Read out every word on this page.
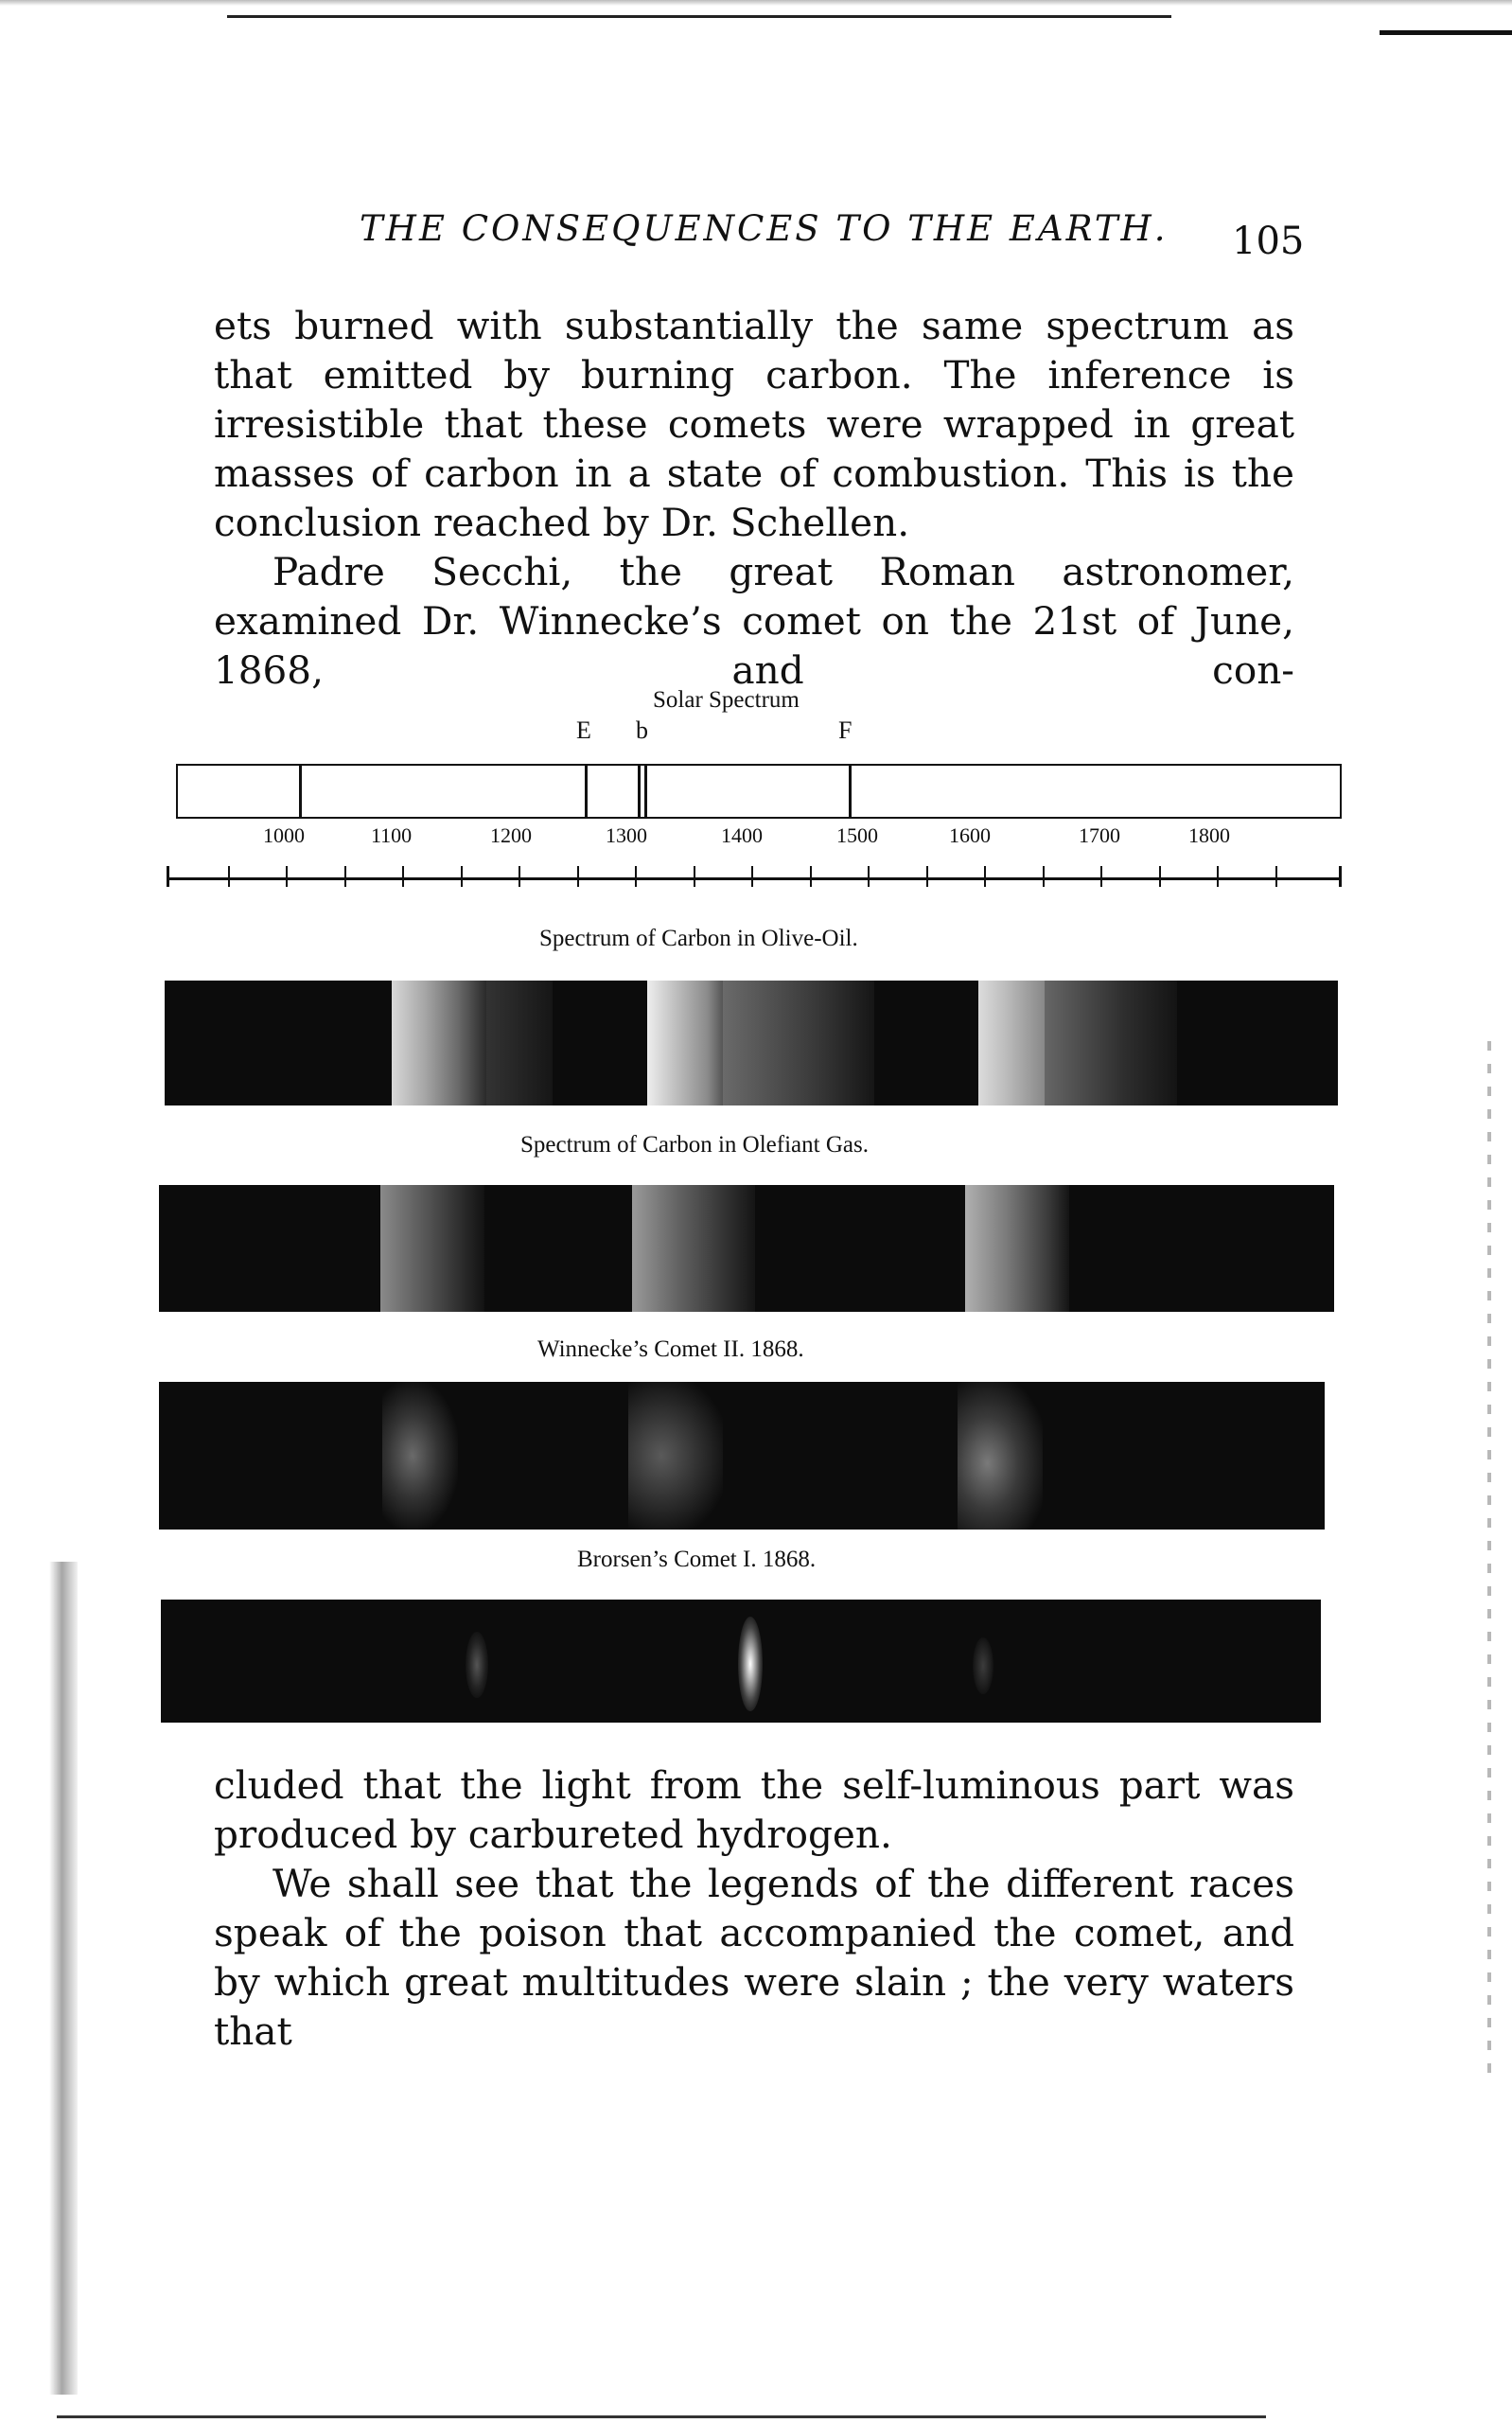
THE CONSEQUENCES TO THE EARTH.	105

ets burned with substantially the same spectrum as that emitted by burning carbon. The inference is irresistible that these comets were wrapped in great masses of carbon in a state of combustion. This is the conclusion reached by Dr. Schellen.

Padre Secchi, the great Roman astronomer, examined Dr. Winnecke’s comet on the 21st of June, 1868, and con-

Solar Spectrum
E b	F
1000	1100	1200	1300	1400	1500	1600	1700	1800
Spectrum of Carbon in Olive-Oil.
Spectrum of Carbon in Olefiant Gas.
Winnecke’s Comet II. 1868.
Brorsen’s Comet I. 1868.

cluded that the light from the self-luminous part was produced by carbureted hydrogen.

We shall see that the legends of the different races speak of the poison that accompanied the comet, and by which great multitudes were slain ; the very waters that
